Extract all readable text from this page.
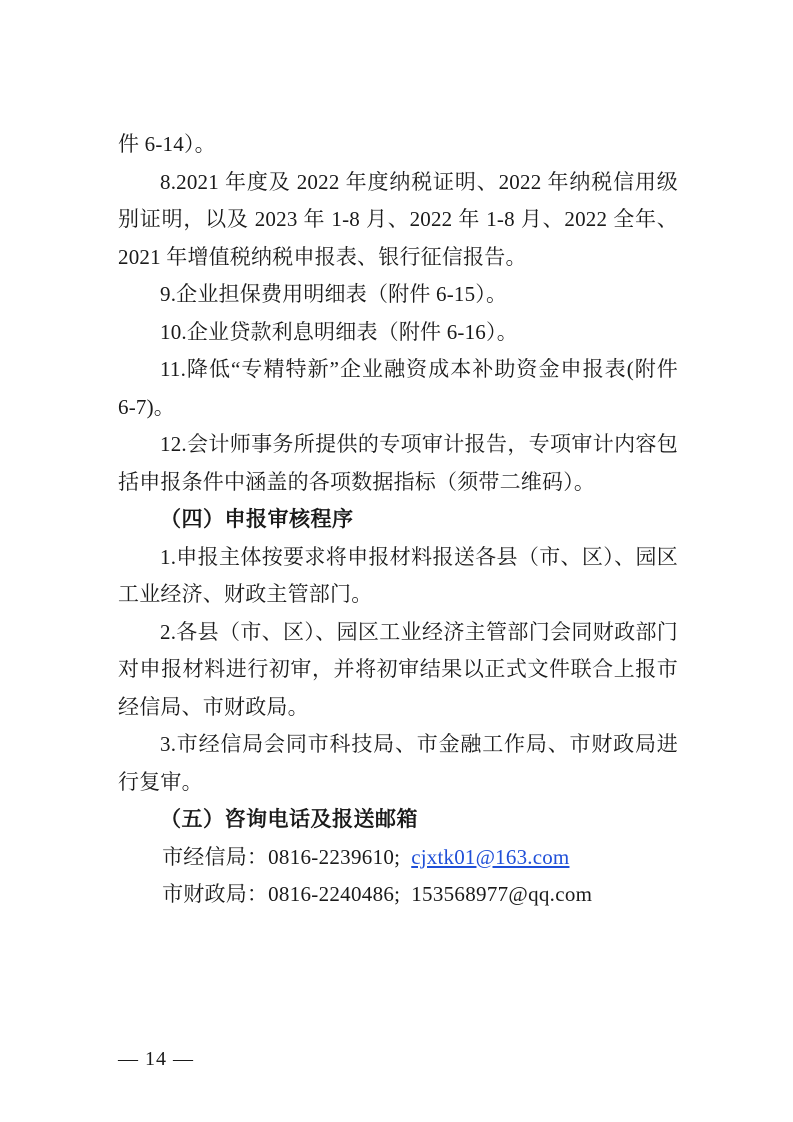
件 6-14）。

8.2021 年度及 2022 年度纳税证明、2022 年纳税信用级别证明，以及 2023 年 1-8 月、2022 年 1-8 月、2022 全年、2021 年增值税纳税申报表、银行征信报告。

9.企业担保费用明细表（附件 6-15）。

10.企业贷款利息明细表（附件 6-16）。

11.降低“专精特新”企业融资成本补助资金申报表(附件 6-7)。

12.会计师事务所提供的专项审计报告，专项审计内容包括申报条件中涵盖的各项数据指标（须带二维码）。

（四）申报审核程序

1.申报主体按要求将申报材料报送各县（市、区）、园区工业经济、财政主管部门。

2.各县（市、区）、园区工业经济主管部门会同财政部门对申报材料进行初审，并将初审结果以正式文件联合上报市经信局、市财政局。

3.市经信局会同市科技局、市金融工作局、市财政局进行复审。

（五）咨询电话及报送邮箱

市经信局：0816-2239610; cjxtk01@163.com

市财政局：0816-2240486; 153568977@qq.com

— 14 —
